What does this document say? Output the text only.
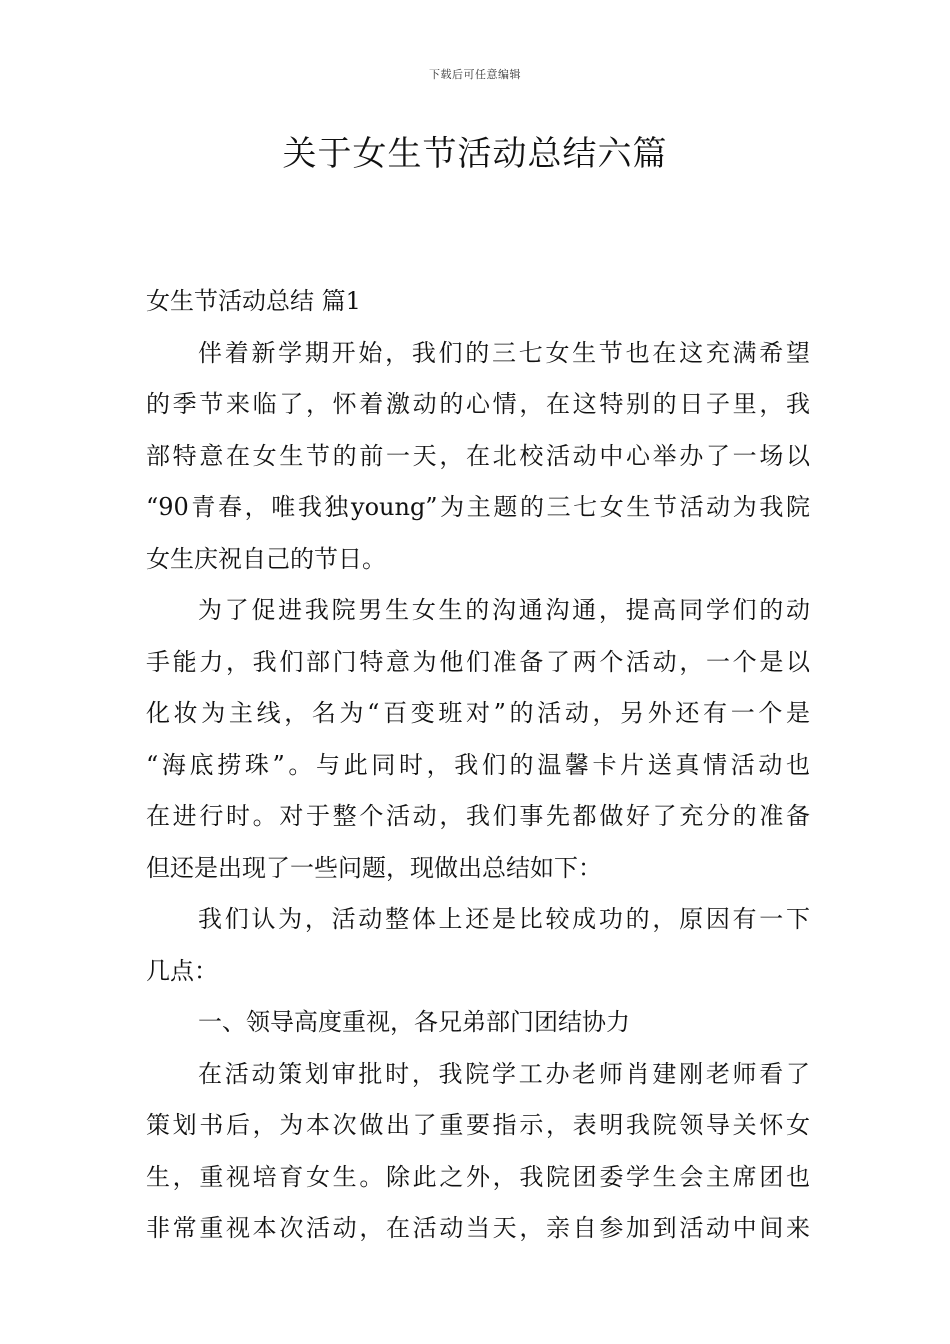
下载后可任意编辑
关于女生节活动总结六篇
女生节活动总结 篇1
伴着新学期开始，我们的三七女生节也在这充满希望
的季节来临了，怀着激动的心情，在这特别的日子里，我
部特意在女生节的前一天，在北校活动中心举办了一场以
“90青春，唯我独young”为主题的三七女生节活动为我院
女生庆祝自己的节日。
为了促进我院男生女生的沟通沟通，提高同学们的动
手能力，我们部门特意为他们准备了两个活动，一个是以
化妆为主线，名为“百变班对”的活动，另外还有一个是
“海底捞珠”。与此同时，我们的温馨卡片送真情活动也
在进行时。对于整个活动，我们事先都做好了充分的准备
但还是出现了一些问题，现做出总结如下：
我们认为，活动整体上还是比较成功的，原因有一下
几点：
一、领导高度重视，各兄弟部门团结协力
在活动策划审批时，我院学工办老师肖建刚老师看了
策划书后，为本次做出了重要指示，表明我院领导关怀女
生，重视培育女生。除此之外，我院团委学生会主席团也
非常重视本次活动，在活动当天，亲自参加到活动中间来
